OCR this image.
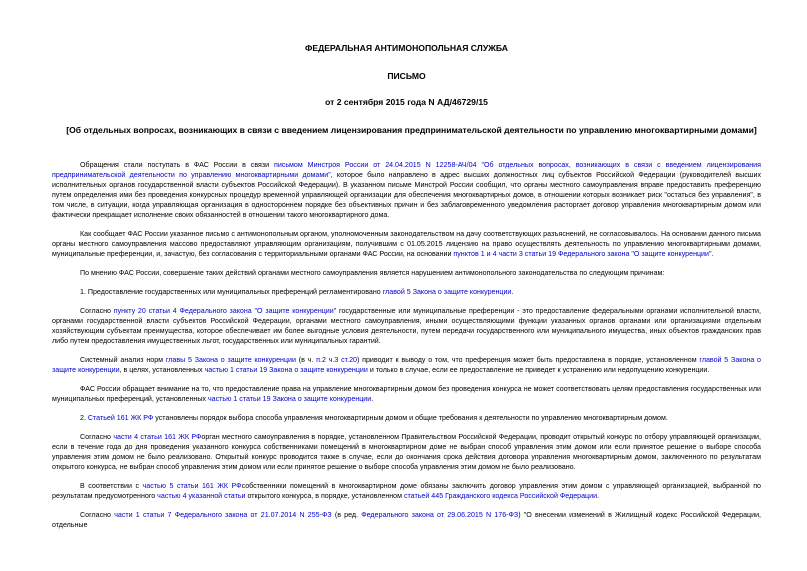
ФЕДЕРАЛЬНАЯ АНТИМОНОПОЛЬНАЯ СЛУЖБА

ПИСЬМО

от 2 сентября 2015 года N АД/46729/15

[Об отдельных вопросах, возникающих в связи с введением лицензирования предпринимательской деятельности по управлению многоквартирными домами]

Обращения стали поступать в ФАС России в связи письмом Минстроя России от 24.04.2015 N 12258-АЧ/04 "Об отдельных вопросах, возникающих в связи с введением лицензирования предпринимательской деятельности по управлению многоквартирными домами", которое было направлено в адрес высших должностных лиц субъектов Российской Федерации (руководителей высших исполнительных органов государственной власти субъектов Российской Федерации). В указанном письме Минстрой России сообщил, что органы местного самоуправления вправе предоставить преференцию путем определения ими без проведения конкурсных процедур временной управляющей организации для обеспечения многоквартирных домов, в отношении которых возникает риск "остаться без управления", в том числе, в ситуации, когда управляющая организация в одностороннем порядке без объективных причин и без заблаговременного уведомления расторгает договор управления многоквартирным домом или фактически прекращает исполнение своих обязанностей в отношении такого многоквартирного дома.

Как сообщает ФАС России указанное письмо с антимонопольным органом, уполномоченным законодательством на дачу соответствующих разъяснений, не согласовывалось. На основании данного письма органы местного самоуправления массово предоставляют управляющим организациям, получившим с 01.05.2015 лицензию на право осуществлять деятельность по управлению многоквартирными домами, муниципальные преференции, и, зачастую, без согласования с территориальными органами ФАС России, на основании пунктов 1 и 4 части 3 статьи 19 Федерального закона "О защите конкуренции".

По мнению ФАС России, совершение таких действий органами местного самоуправления является нарушением антимонопольного законодательства по следующим причинам:

1. Предоставление государственных или муниципальных преференций регламентировано главой 5 Закона о защите конкуренции.

Согласно пункту 20 статьи 4 Федерального закона "О защите конкуренции" государственные или муниципальные преференции - это предоставление федеральными органами исполнительной власти, органами государственной власти субъектов Российской Федерации, органами местного самоуправления, иными осуществляющими функции указанных органов органами или организациями отдельным хозяйствующим субъектам преимущества, которое обеспечивает им более выгодные условия деятельности, путем передачи государственного или муниципального имущества, иных объектов гражданских прав либо путем предоставления имущественных льгот, государственных или муниципальных гарантий.

Системный анализ норм главы 5 Закона о защите конкуренции (в ч. п.2 ч.3 ст.20) приводит к выводу о том, что преференция может быть предоставлена в порядке, установленном главой 5 Закона о защите конкуренции, в целях, установленных частью 1 статьи 19 Закона о защите конкуренции и только в случае, если ее предоставление не приведет к устранению или недопущению конкуренции.

ФАС России обращает внимание на то, что предоставление права на управление многоквартирным домом без проведения конкурса не может соответствовать целям предоставления государственных или муниципальных преференций, установленных частью 1 статьи 19 Закона о защите конкуренции.

2. Статьей 161 ЖК РФ установлены порядок выбора способа управления многоквартирным домом и общие требования к деятельности по управлению многоквартирным домом.

Согласно части 4 статьи 161 ЖК РФорган местного самоуправления в порядке, установленном Правительством Российской Федерации, проводит открытый конкурс по отбору управляющей организации, если в течение года до дня проведения указанного конкурса собственниками помещений в многоквартирном доме не выбран способ управления этим домом или если принятое решение о выборе способа управления этим домом не было реализовано. Открытый конкурс проводится также в случае, если до окончания срока действия договора управления многоквартирным домом, заключенного по результатам открытого конкурса, не выбран способ управления этим домом или если принятое решение о выборе способа управления этим домом не было реализовано.

В соответствии с частью 5 статьи 161 ЖК РФсобственники помещений в многоквартирном доме обязаны заключить договор управления этим домом с управляющей организацией, выбранной по результатам предусмотренного частью 4 указанной статьи открытого конкурса, в порядке, установленном статьей 445 Гражданского кодекса Российской Федерации.

Согласно части 1 статьи 7 Федерального закона от 21.07.2014 N 255-ФЗ (в ред. Федерального закона от 29.06.2015 N 176-ФЗ) "О внесении изменений в Жилищный кодекс Российской Федерации, отдельные
